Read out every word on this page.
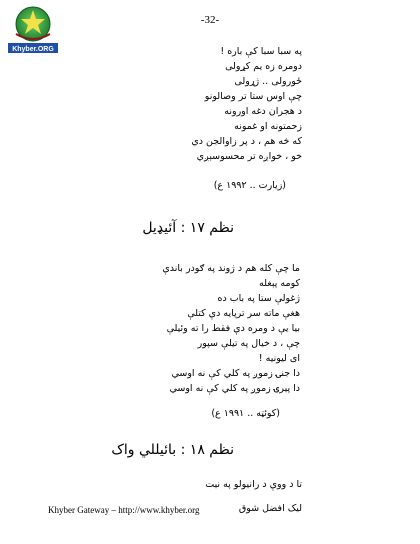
Khyber.ORG
-32-
په سبا سبا کې باره !
دومره زه یم کړولی
ځورولی .. ژړولی
چې اوس ستا تر وصالونو
د هجران دغه اورونه
زحمتونه او غمونه
که څه هم ، د پر زاوالجن دي
خو ، خواږه تر محسوسېږي
(زیارت .. ۱۹۹۲ ع)
نظم ۱۷ : آئیډیل
ما چې کله هم د ژوند په ګودر باندې
کومه پېغله
ژغولې ستا په باب ده
هغې ماته سر ترپایه دې کتلې
بیا یې د ومره دې فقط را ته وئیلې
چې ، د خیال په تیلې سپور
ای لیونیه !
دا جنۍ زموږ په کلي کې نه اوسي
دا پیرۍ زموږ په کلي کې نه اوسي
(کوئټه .. ۱۹۹۱ ع)
نظم ۱۸ : بائیللي واک
تا د ووې د رانیولو په نیت
Khyber Gateway – http://www.khyber.org	لیک افضل شوق
